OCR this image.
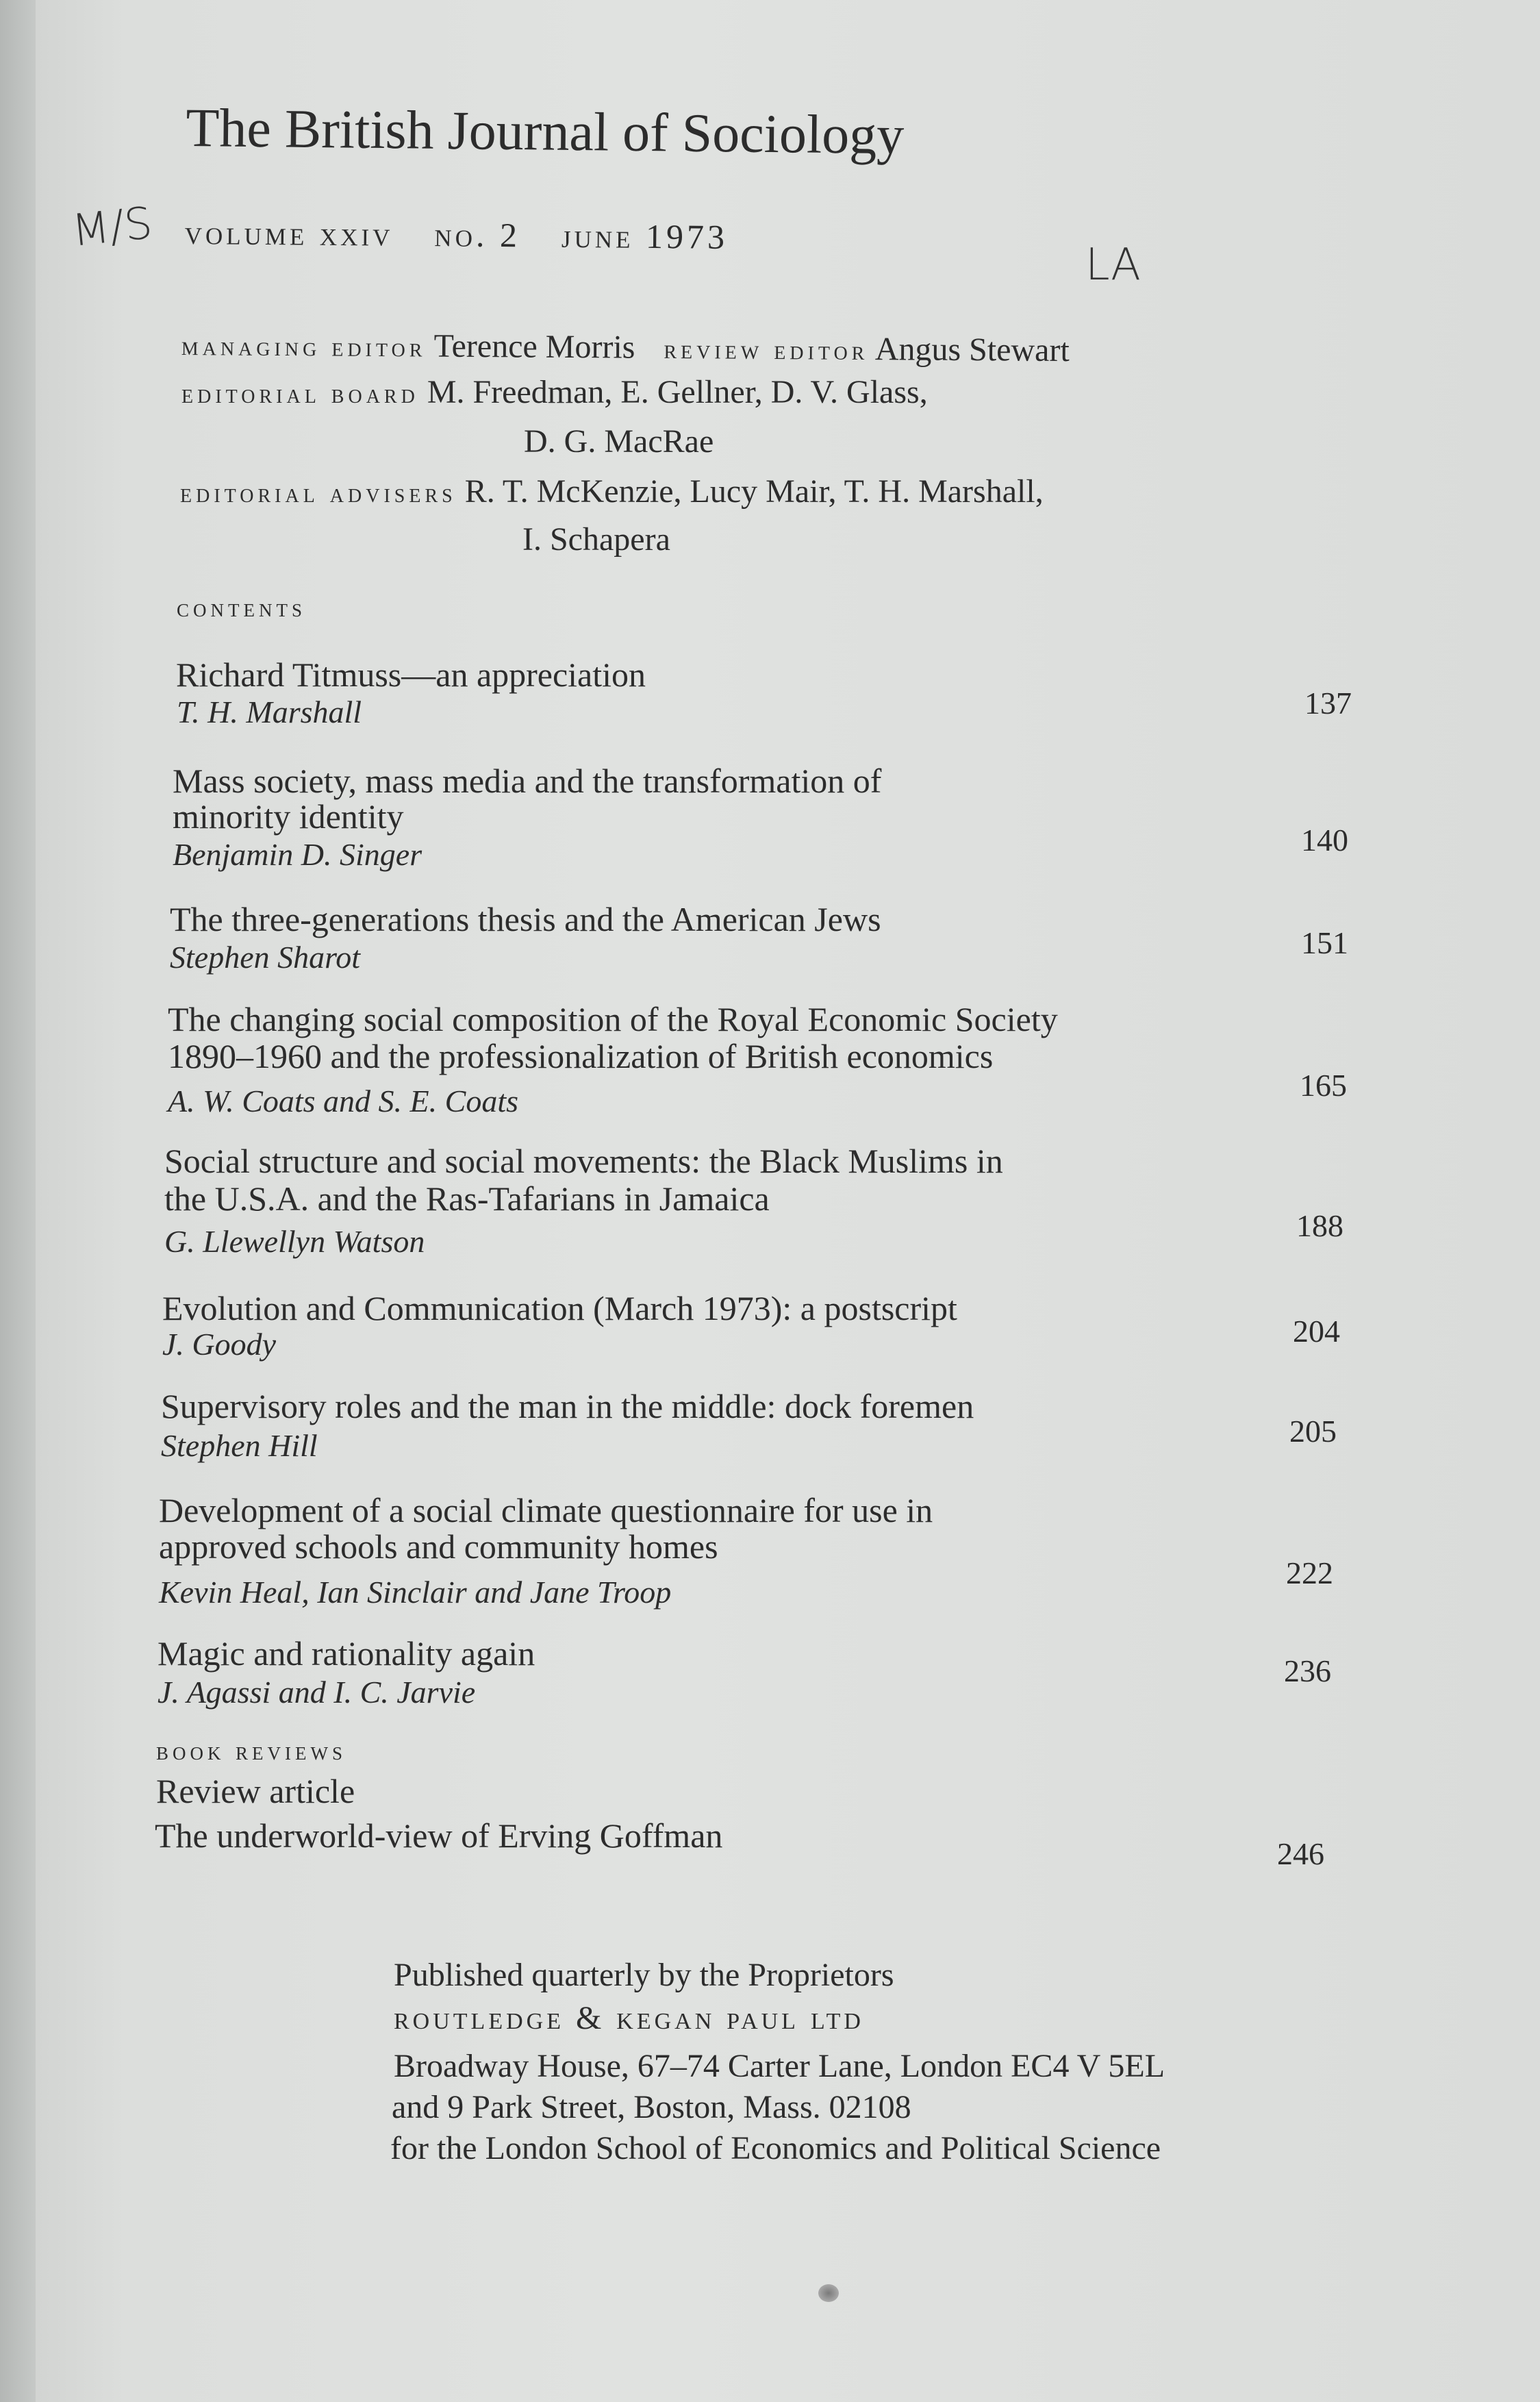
The British Journal of Sociology
M/S
LA
volume xxiv no. 2 june 1973
managing editor Terence Morris review editor Angus Stewart
editorial board M. Freedman, E. Gellner, D. V. Glass,
D. G. MacRae
editorial advisers R. T. McKenzie, Lucy Mair, T. H. Marshall,
I. Schapera
contents
Richard Titmuss—an appreciation
T. H. Marshall	137
Mass society, mass media and the transformation of
minority identity
Benjamin D. Singer	140
The three-generations thesis and the American Jews
Stephen Sharot	151
The changing social composition of the Royal Economic Society
1890–1960 and the professionalization of British economics
A. W. Coats and S. E. Coats	165
Social structure and social movements: the Black Muslims in
the U.S.A. and the Ras-Tafarians in Jamaica
G. Llewellyn Watson	188
Evolution and Communication (March 1973): a postscript
J. Goody	204
Supervisory roles and the man in the middle: dock foremen
Stephen Hill	205
Development of a social climate questionnaire for use in
approved schools and community homes
Kevin Heal, Ian Sinclair and Jane Troop
222
Magic and rationality again
J. Agassi and I. C. Jarvie
236
book reviews
Review article
The underworld-view of Erving Goffman	246
Published quarterly by the Proprietors
routledge & kegan paul ltd
Broadway House, 67–74 Carter Lane, London EC4 V 5EL
and 9 Park Street, Boston, Mass. 02108
for the London School of Economics and Political Science
